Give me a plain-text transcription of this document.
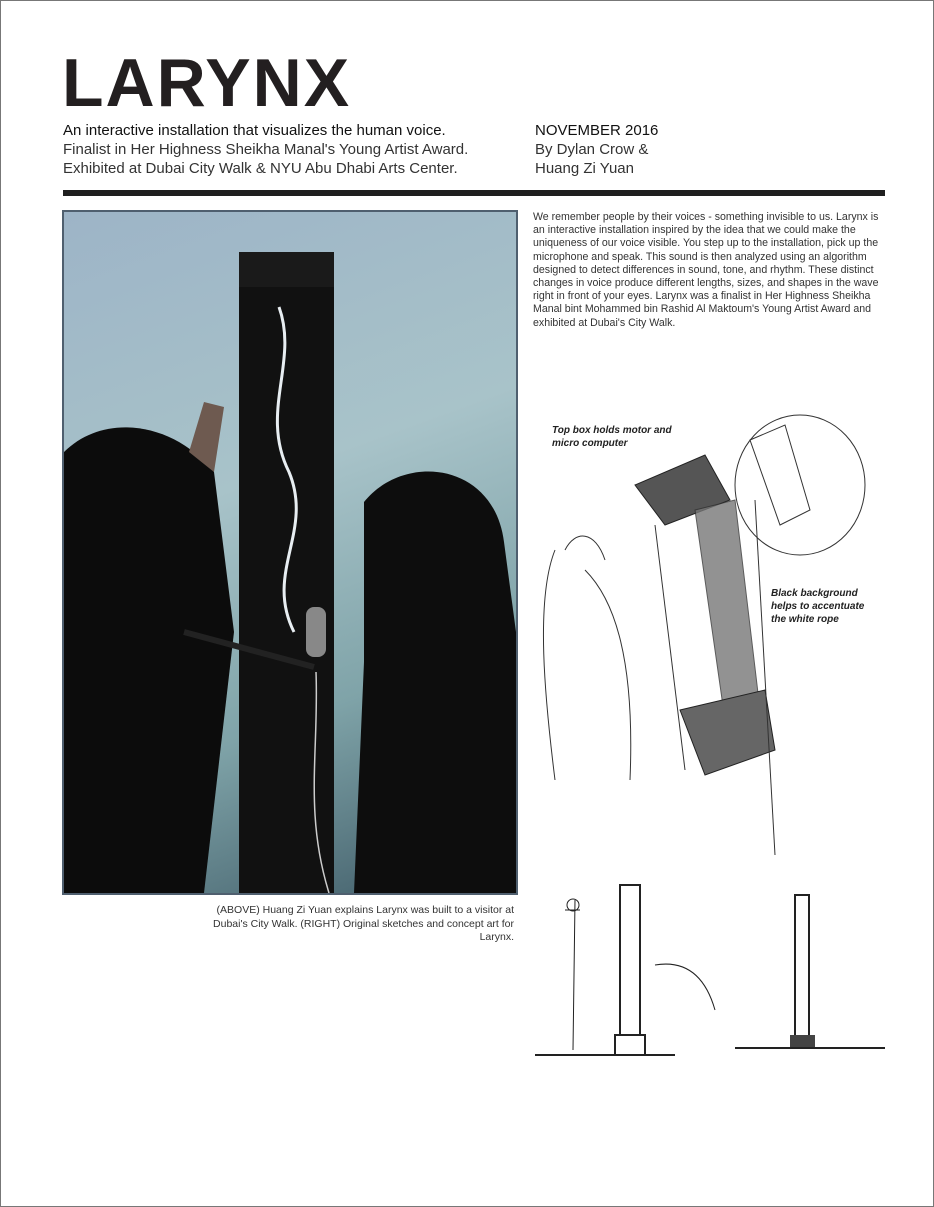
LARYNX
An interactive installation that visualizes the human voice.
Finalist in Her Highness Sheikha Manal's Young Artist Award.
Exhibited at Dubai City Walk & NYU Abu Dhabi Arts Center.
NOVEMBER 2016
By Dylan Crow &
Huang Zi Yuan
(ABOVE) Huang Zi Yuan explains Larynx was built to a visitor at Dubai's City Walk. (RIGHT) Original sketches and concept art for Larynx.
We remember people by their voices - something invisible to us. Larynx is an interactive installation inspired by the idea that we could make the uniqueness of our voice visible. You step up to the installation, pick up the microphone and speak. This sound is then analyzed using an algorithm designed to detect differences in sound, tone, and rhythm. These distinct changes in voice produce different lengths, sizes, and shapes in the wave right in front of your eyes. Larynx was a finalist in Her Highness Sheikha Manal bint Mohammed bin Rashid Al Maktoum's Young Artist Award and exhibited at Dubai's City Walk.
Top box holds motor and micro computer
Black background helps to accentuate the white rope
